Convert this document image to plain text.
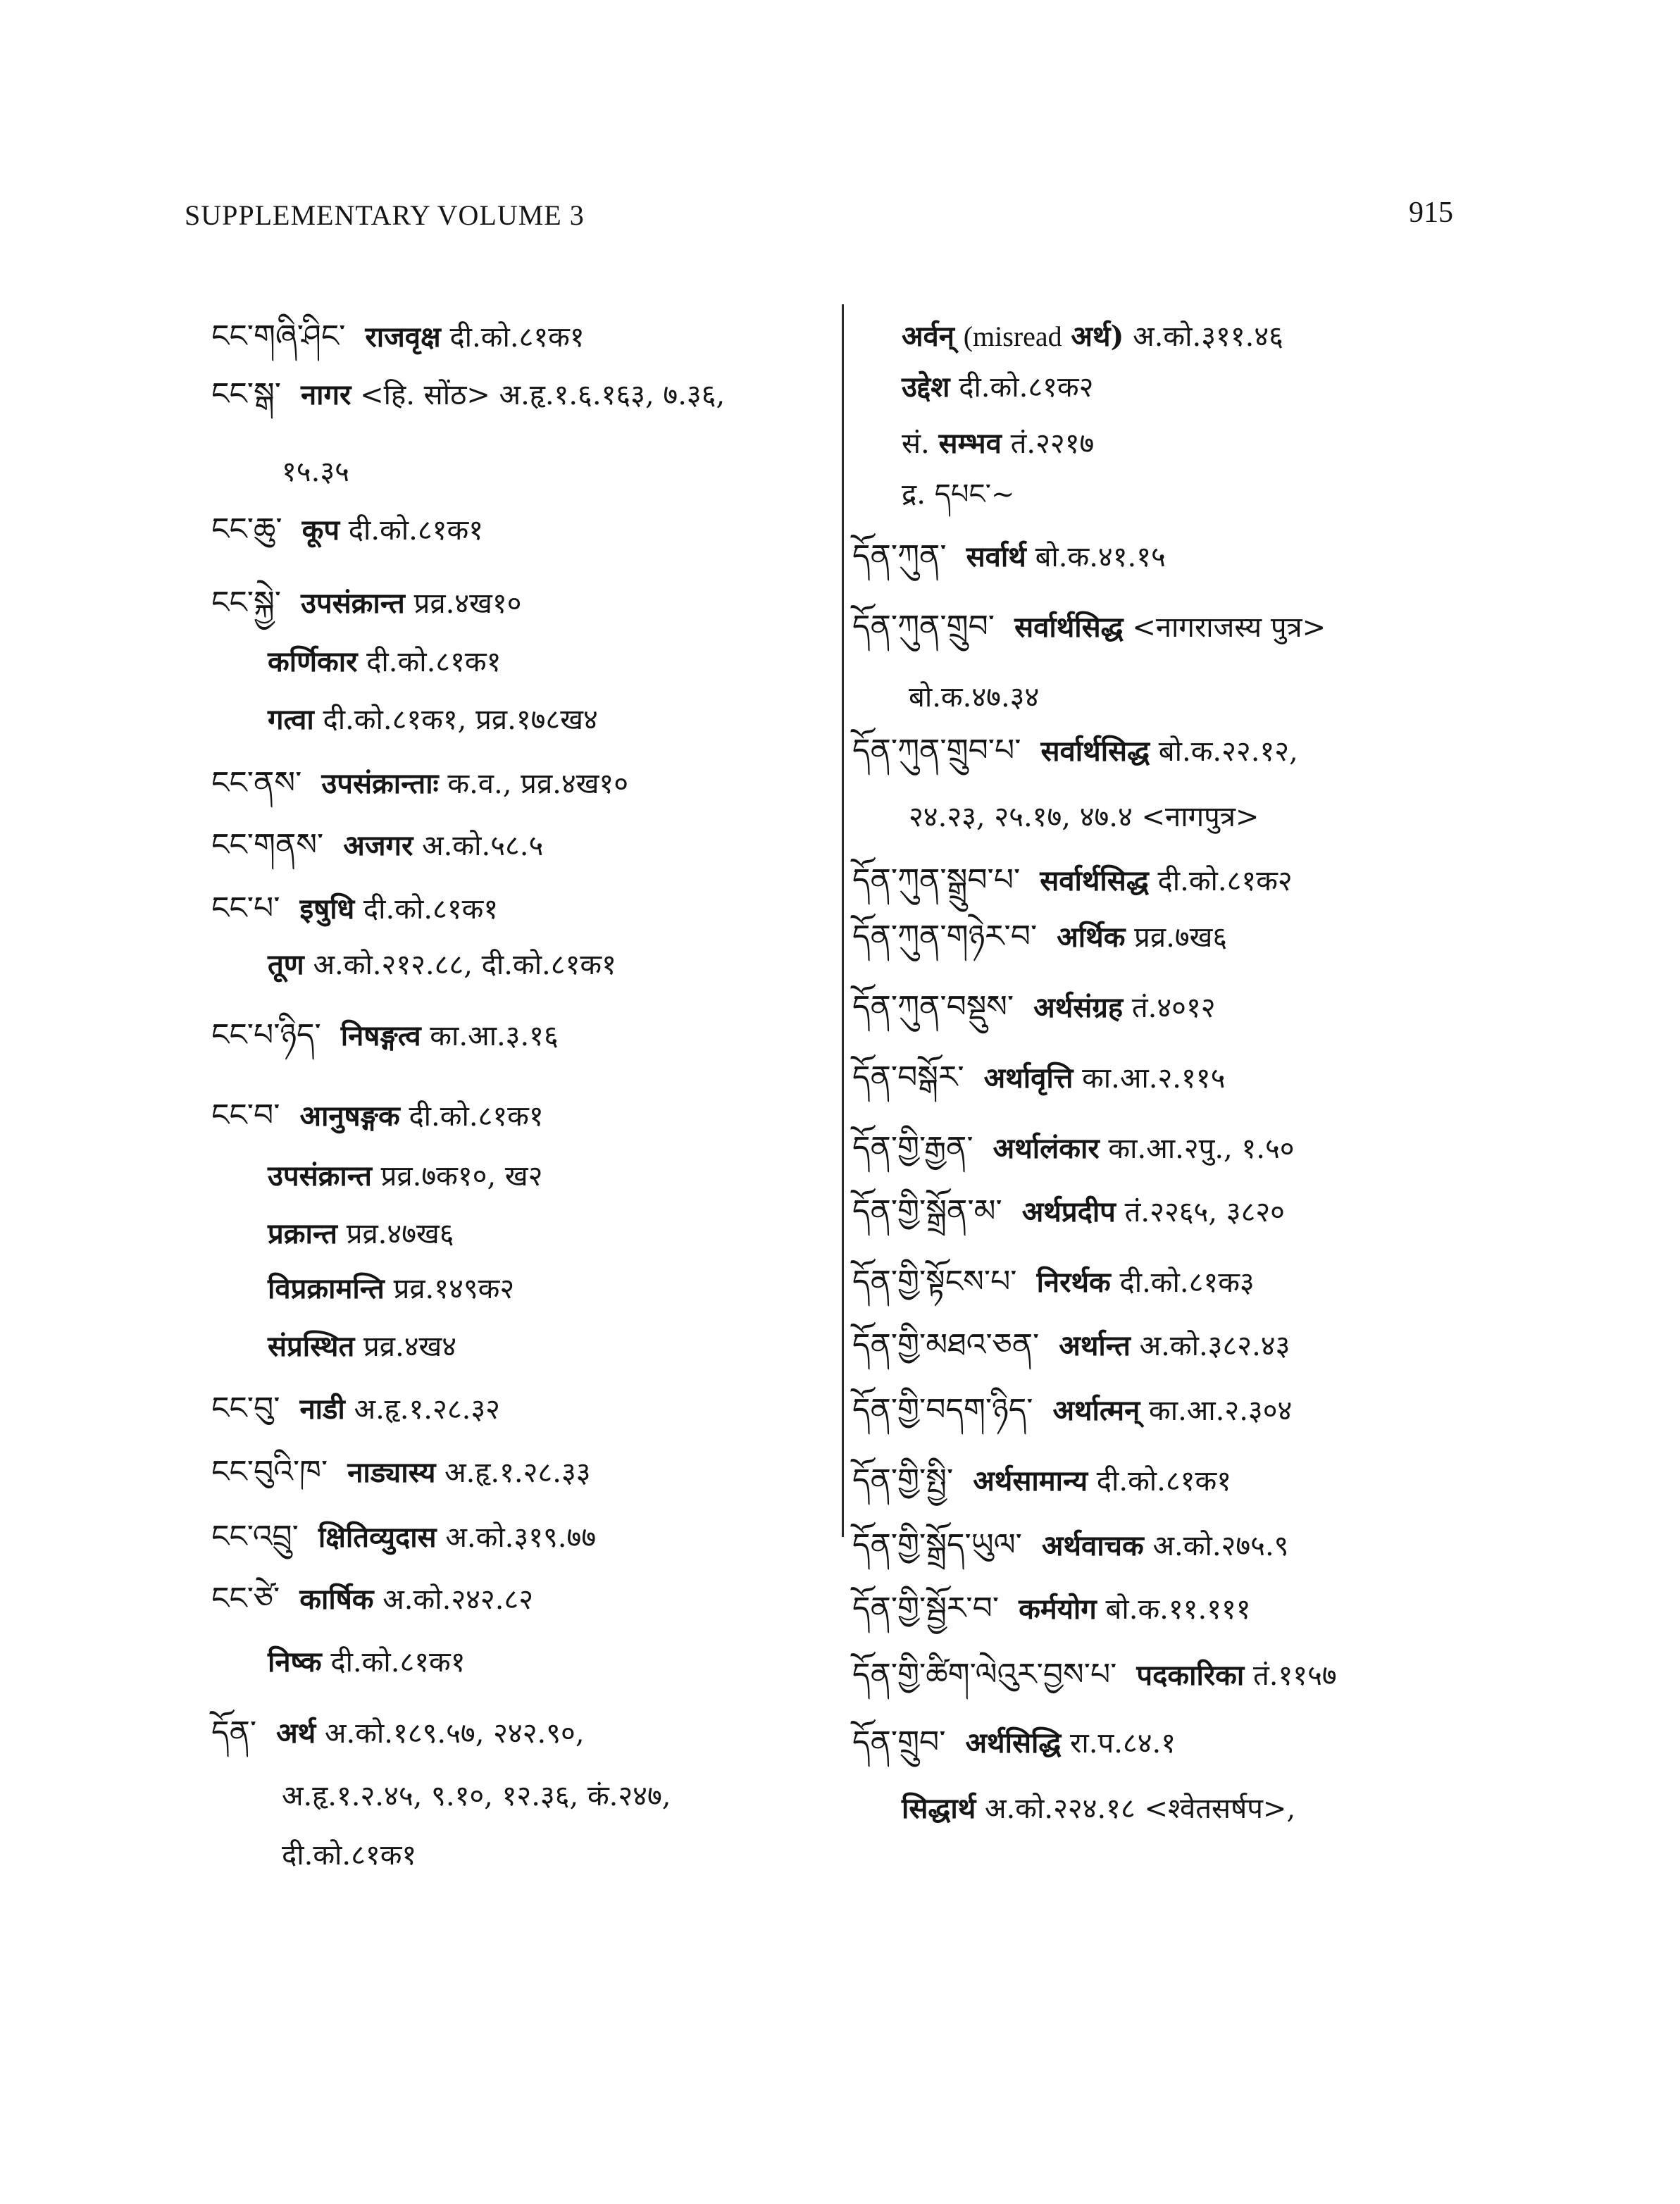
SUPPLEMENTARY VOLUME 3	915
ངང་གཞི་ཤིང་ राजवृक्ष दी.को.८१क१
ངང་སྒ་ नागर <हि. सोंठ> अ.हृ.१.६.१६३, ७.३६,
१५.३५
ངང་ཆུ་ कूप दी.को.८१क१
ངང་སྐྱེ་ उपसंक्रान्त प्रव्र.४ख१०
कर्णिकार दी.को.८१क१
गत्वा दी.को.८१क१, प्रव्र.१७८ख४
ངང་ནས་ उपसंक्रान्ताः क.व., प्रव्र.४ख१०
ངང་གནས་ अजगर अ.को.५८.५
ངང་པ་ इषुधि दी.को.८१क१
तूण अ.को.२१२.८८, दी.को.८१क१
ངང་པ་ཉིད་ निषङ्गत्व का.आ.३.१६
ངང་བ་ आनुषङ्गक दी.को.८१क१
उपसंक्रान्त प्रव्र.७क१०, ख२
प्रक्रान्त प्रव्र.४७ख६
विप्रक्रामन्ति प्रव्र.१४९क२
संप्रस्थित प्रव्र.४ख४
ངང་བུ་ नाडी अ.हृ.१.२८.३२
ངང་བུའི་ཁ་ नाड्यास्य अ.हृ.१.२८.३३
ངང་འབྲུ་ क्षितिव्युदास अ.को.३१९.७७
ངང་ཙེ་ कार्षिक अ.को.२४२.८२
निष्क दी.को.८१क१
དོན་ अर्थ अ.को.१८९.५७, २४२.९०,
अ.हृ.१.२.४५, ९.१०, १२.३६, कं.२४७,
दी.को.८१क१
अर्वन् (misread अर्थ) अ.को.३११.४६
उद्देश दी.को.८१क२
सं. सम्भव तं.२२१७
द्र. དཔང་~
དོན་ཀུན་ सर्वार्थ बो.क.४१.१५
དོན་ཀུན་གྲུབ་ सर्वार्थसिद्ध <नागराजस्य पुत्र>
बो.क.४७.३४
དོན་ཀུན་གྲུབ་པ་ सर्वार्थसिद्ध बो.क.२२.१२,
२४.२३, २५.१७, ४७.४ <नागपुत्र>
དོན་ཀུན་སྒྲུབ་པ་ सर्वार्थसिद्ध दी.को.८१क२
དོན་ཀུན་གཉེར་བ་ अर्थिक प्रव्र.७ख६
དོན་ཀུན་བསྡུས་ अर्थसंग्रह तं.४०१२
དོན་བསྒོར་ अर्थावृत्ति का.आ.२.११५
དོན་གྱི་རྒྱན་ अर्थालंकार का.आ.२पु., १.५०
དོན་གྱི་སྒྲོན་མ་ अर्थप्रदीप तं.२२६५, ३८२०
དོན་གྱི་སྟོངས་པ་ निरर्थक दी.को.८१क३
དོན་གྱི་མཐའ་ཅན་ अर्थान्त अ.को.३८२.४३
དོན་གྱི་བདག་ཉིད་ अर्थात्मन् का.आ.२.३०४
དོན་གྱི་སྤྱི་ अर्थसामान्य दी.को.८१क१
དོན་གྱི་སྒྲོད་ཡུལ་ अर्थवाचक अ.को.२७५.९
དོན་གྱི་སྦྱོར་བ་ कर्मयोग बो.क.११.१११
དོན་གྱི་ཚིག་ལེའུར་བྱས་པ་ पदकारिका तं.११५७
དོན་གྲུབ་ अर्थसिद्धि रा.प.८४.१
सिद्धार्थ अ.को.२२४.१८ <श्वेतसर्षप>,
